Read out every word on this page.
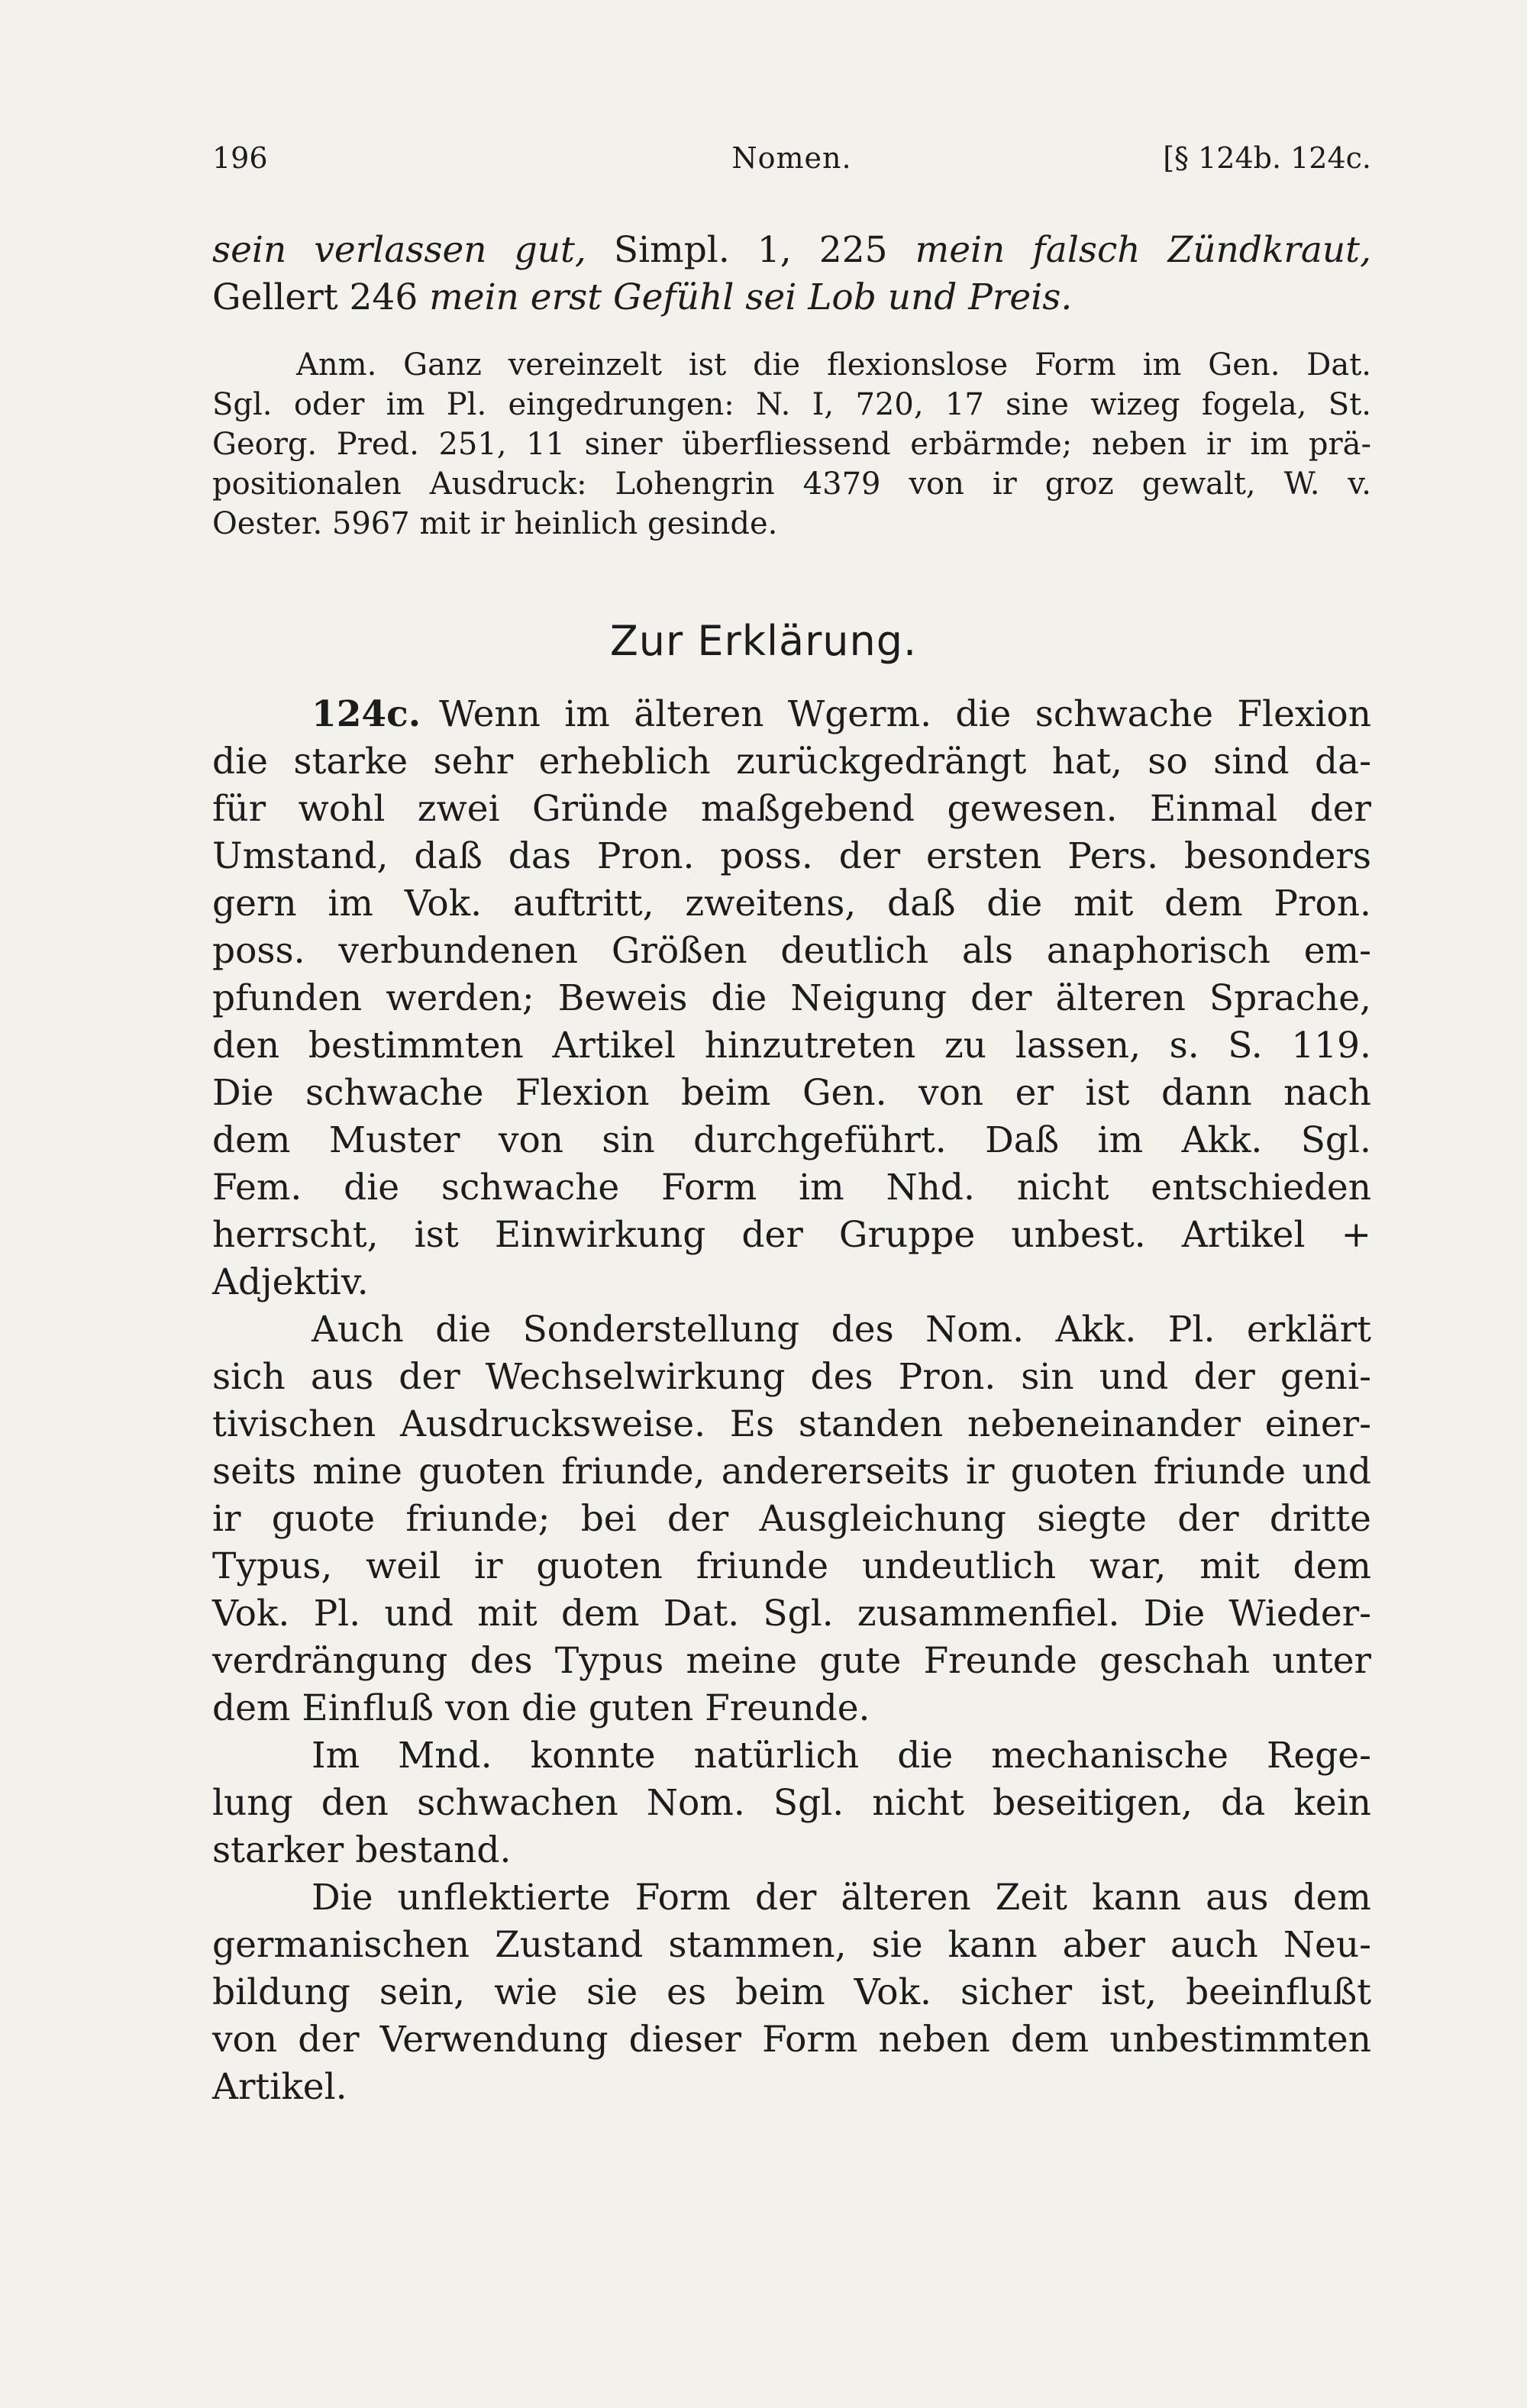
196	Nomen.	[§ 124b. 124c.
sein verlassen gut, Simpl. 1, 225 mein falsch Zündkraut,
Gellert 246 mein erst Gefühl sei Lob und Preis.
Anm. Ganz vereinzelt ist die flexionslose Form im Gen. Dat.
Sgl. oder im Pl. eingedrungen: N. I, 720, 17 sine wizeg fogela, St.
Georg. Pred. 251, 11 siner überfliessend erbärmde; neben ir im prä-
positionalen Ausdruck: Lohengrin 4379 von ir groz gewalt, W. v.
Oester. 5967 mit ir heinlich gesinde.
Zur Erklärung.
124c. Wenn im älteren Wgerm. die schwache Flexion
die starke sehr erheblich zurückgedrängt hat, so sind da-
für wohl zwei Gründe maßgebend gewesen. Einmal der
Umstand, daß das Pron. poss. der ersten Pers. besonders
gern im Vok. auftritt, zweitens, daß die mit dem Pron.
poss. verbundenen Größen deutlich als anaphorisch em-
pfunden werden; Beweis die Neigung der älteren Sprache,
den bestimmten Artikel hinzutreten zu lassen, s. S. 119.
Die schwache Flexion beim Gen. von er ist dann nach
dem Muster von sin durchgeführt. Daß im Akk. Sgl.
Fem. die schwache Form im Nhd. nicht entschieden
herrscht, ist Einwirkung der Gruppe unbest. Artikel +
Adjektiv.
Auch die Sonderstellung des Nom. Akk. Pl. erklärt
sich aus der Wechselwirkung des Pron. sin und der geni-
tivischen Ausdrucksweise. Es standen nebeneinander einer-
seits mine guoten friunde, andererseits ir guoten friunde und
ir guote friunde; bei der Ausgleichung siegte der dritte
Typus, weil ir guoten friunde undeutlich war, mit dem
Vok. Pl. und mit dem Dat. Sgl. zusammenfiel. Die Wieder-
verdrängung des Typus meine gute Freunde geschah unter
dem Einfluß von die guten Freunde.
Im Mnd. konnte natürlich die mechanische Rege-
lung den schwachen Nom. Sgl. nicht beseitigen, da kein
starker bestand.
Die unflektierte Form der älteren Zeit kann aus dem
germanischen Zustand stammen, sie kann aber auch Neu-
bildung sein, wie sie es beim Vok. sicher ist, beeinflußt
von der Verwendung dieser Form neben dem unbestimmten
Artikel.
